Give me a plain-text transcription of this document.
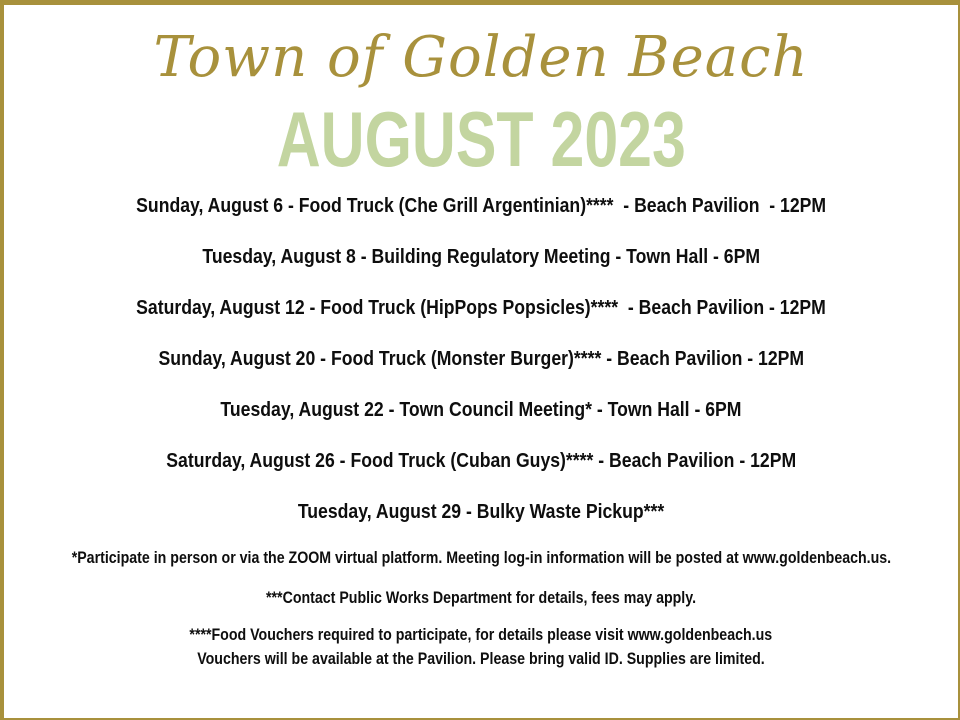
Town of Golden Beach
AUGUST 2023
Sunday, August 6 - Food Truck (Che Grill Argentinian)****  - Beach Pavilion  - 12PM
Tuesday, August 8 - Building Regulatory Meeting - Town Hall - 6PM
Saturday, August 12 - Food Truck (HipPops Popsicles)****  - Beach Pavilion - 12PM
Sunday, August 20 - Food Truck (Monster Burger)**** - Beach Pavilion - 12PM
Tuesday, August 22 - Town Council Meeting* - Town Hall - 6PM
Saturday, August 26 - Food Truck (Cuban Guys)**** - Beach Pavilion - 12PM
Tuesday, August 29 - Bulky Waste Pickup***
*Participate in person or via the ZOOM virtual platform. Meeting log-in information will be posted at www.goldenbeach.us.
***Contact Public Works Department for details, fees may apply.
****Food Vouchers required to participate, for details please visit www.goldenbeach.us
Vouchers will be available at the Pavilion. Please bring valid ID. Supplies are limited.
